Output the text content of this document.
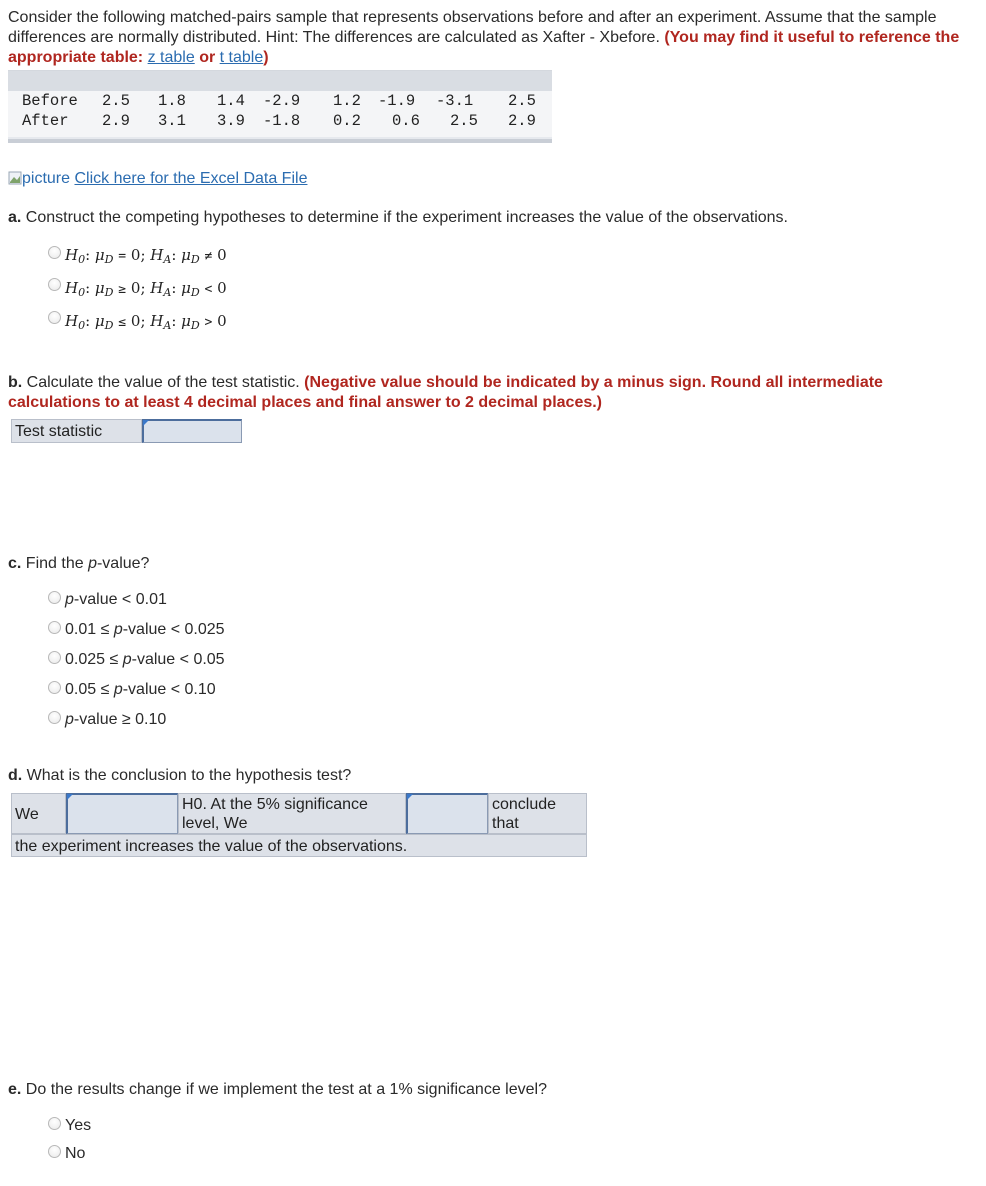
Consider the following matched-pairs sample that represents observations before and after an experiment. Assume that the sample differences are normally distributed. Hint: The differences are calculated as Xafter - Xbefore. (You may find it useful to reference the appropriate table: z table or t table)
Before 2.5 1.8 1.4 -2.9 1.2 -1.9 -3.1 2.5
After 2.9 3.1 3.9 -1.8 0.2 0.6 2.5 2.9
picture Click here for the Excel Data File
a. Construct the competing hypotheses to determine if the experiment increases the value of the observations.
$H_0$: $\mu_D = 0$; $H_A$: $\mu_D \ne 0$
$H_0$: $\mu_D \ge 0$; $H_A$: $\mu_D < 0$
$H_0$: $\mu_D \le 0$; $H_A$: $\mu_D > 0$
b. Calculate the value of the test statistic. (Negative value should be indicated by a minus sign. Round all intermediate calculations to at least 4 decimal places and final answer to 2 decimal places.)
Test statistic
c. Find the p-value?
p-value < 0.01
0.01 ≤ p-value < 0.025
0.025 ≤ p-value < 0.05
0.05 ≤ p-value < 0.10
p-value ≥ 0.10
d. What is the conclusion to the hypothesis test?
We
H0. At the 5% significance level, We
conclude that
the experiment increases the value of the observations.
e. Do the results change if we implement the test at a 1% significance level?
Yes
No
